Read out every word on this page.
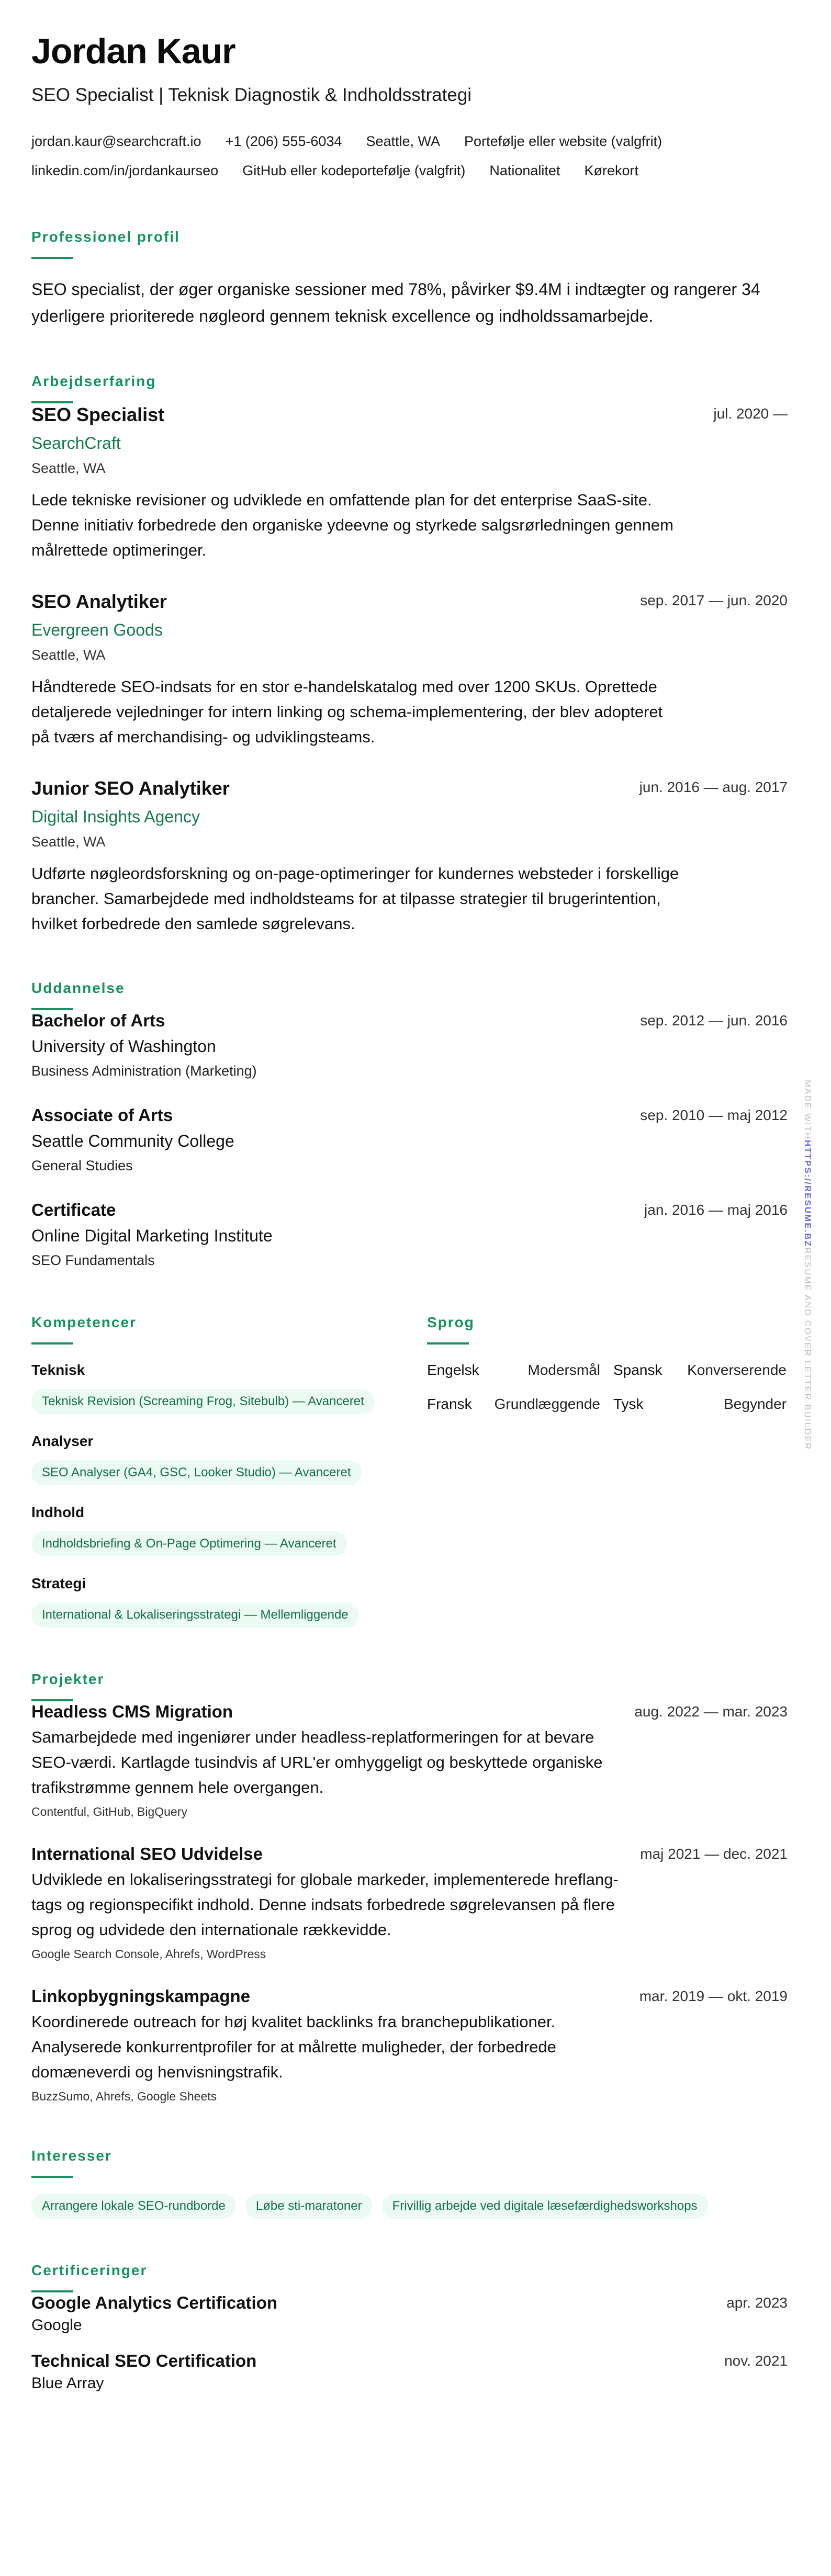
Jordan Kaur
SEO Specialist | Teknisk Diagnostik & Indholdsstrategi
jordan.kaur@searchcraft.io +1 (206) 555-6034 Seattle, WA Portefølje eller website (valgfrit)
linkedin.com/in/jordankaurseo GitHub eller kodeportefølje (valgfrit) Nationalitet Kørekort
Professionel profil

SEO specialist, der øger organiske sessioner med 78%, påvirker $9.4M i indtægter og rangerer 34 yderligere prioriterede nøgleord gennem teknisk excellence og indholdssamarbejde.

Arbejdserfaring
jul. 2020 —
SEO Specialist
SearchCraft
Seattle, WA

Lede tekniske revisioner og udviklede en omfattende plan for det enterprise SaaS-site. Denne initiativ forbedrede den organiske ydeevne og styrkede salgsrørledningen gennem målrettede optimeringer.

sep. 2017 — jun. 2020
SEO Analytiker
Evergreen Goods
Seattle, WA

Håndterede SEO-indsats for en stor e-handelskatalog med over 1200 SKUs. Oprettede detaljerede vejledninger for intern linking og schema-implementering, der blev adopteret på tværs af merchandising- og udviklingsteams.

jun. 2016 — aug. 2017
Junior SEO Analytiker
Digital Insights Agency
Seattle, WA

Udførte nøgleordsforskning og on-page-optimeringer for kundernes websteder i forskellige brancher. Samarbejdede med indholdsteams for at tilpasse strategier til brugerintention, hvilket forbedrede den samlede søgrelevans.

Uddannelse
sep. 2012 — jun. 2016
Bachelor of Arts
University of Washington
Business Administration (Marketing)
sep. 2010 — maj 2012
Associate of Arts
Seattle Community College
General Studies
jan. 2016 — maj 2016
Certificate
Online Digital Marketing Institute
SEO Fundamentals
Kompetencer
Teknisk
Teknisk Revision (Screaming Frog, Sitebulb) — Avanceret
Analyser
SEO Analyser (GA4, GSC, Looker Studio) — Avanceret
Indhold
Indholdsbriefing & On-Page Optimering — Avanceret
Strategi
International & Lokaliseringsstrategi — Mellemliggende
Sprog
Engelsk	Modersmål Spansk Konverserende
Fransk Grundlæggende Tysk	Begynder
Projekter
aug. 2022 — mar. 2023
Headless CMS Migration

Samarbejdede med ingeniører under headless-replatformeringen for at bevare SEO-værdi. Kartlagde tusindvis af URL'er omhyggeligt og beskyttede organiske trafikstrømme gennem hele overgangen.

Contentful, GitHub, BigQuery
maj 2021 — dec. 2021
International SEO Udvidelse

Udviklede en lokaliseringsstrategi for globale markeder, implementerede hreflang-tags og regionspecifikt indhold. Denne indsats forbedrede søgrelevansen på flere sprog og udvidede den internationale rækkevidde.

Google Search Console, Ahrefs, WordPress
mar. 2019 — okt. 2019
Linkopbygningskampagne

Koordinerede outreach for høj kvalitet backlinks fra branchepublikationer. Analyserede konkurrentprofiler for at målrette muligheder, der forbedrede domæneverdi og henvisningstrafik.

BuzzSumo, Ahrefs, Google Sheets
Interesser
Arrangere lokale SEO-rundborde	Løbe sti-maratoner	Frivillig arbejde ved digitale læsefærdighedsworkshops
Certificeringer
apr. 2023
Google Analytics Certification
Google
nov. 2021
Technical SEO Certification
Blue Array
MADE WITHHTTPS://RESUME.BZRESUME AND COVER LETTER BUILDER
